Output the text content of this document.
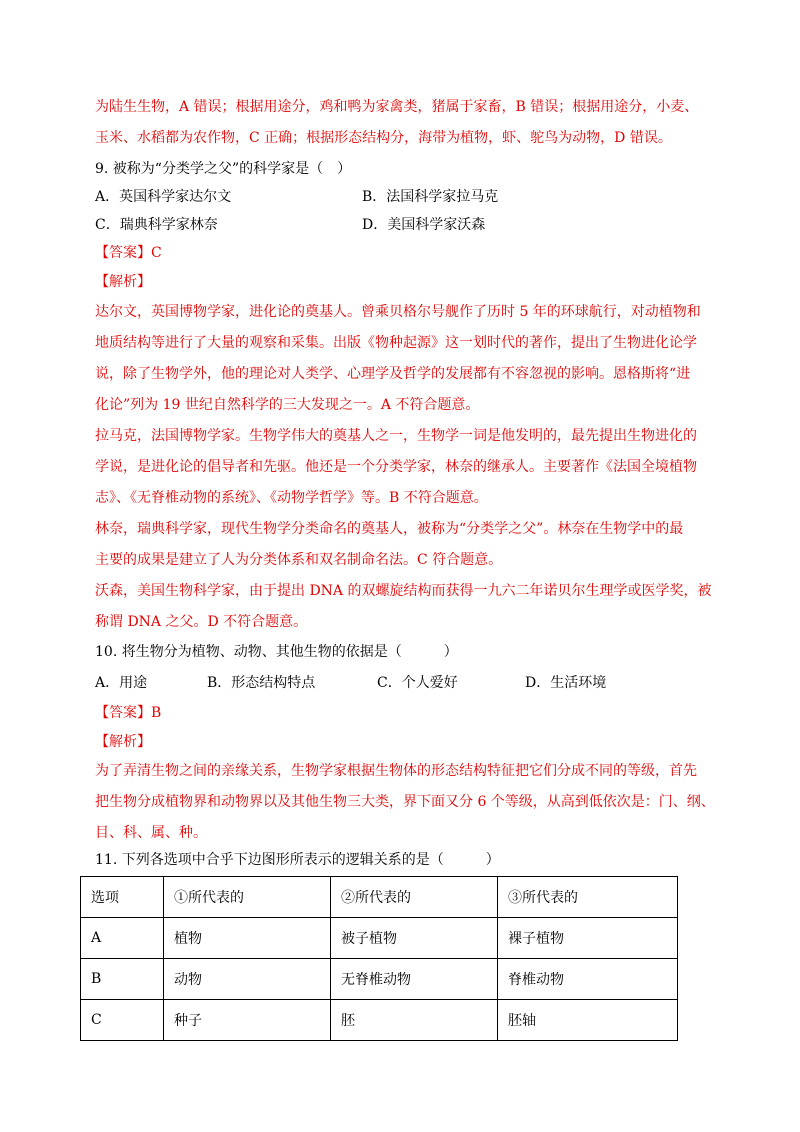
为陆生生物，A 错误；根据用途分，鸡和鸭为家禽类，猪属于家畜，B 错误；根据用途分，小麦、
玉米、水稻都为农作物，C 正确；根据形态结构分，海带为植物，虾、鸵鸟为动物，D 错误。
9. 被称为“分类学之父”的科学家是（　）
A．英国科学家达尔文	B．法国科学家拉马克
C．瑞典科学家林奈	D．美国科学家沃森
【答案】C
【解析】
达尔文，英国博物学家，进化论的奠基人。曾乘贝格尔号舰作了历时 5 年的环球航行，对动植物和
地质结构等进行了大量的观察和采集。出版《物种起源》这一划时代的著作，提出了生物进化论学
说，除了生物学外，他的理论对人类学、心理学及哲学的发展都有不容忽视的影响。恩格斯将“进
化论”列为 19 世纪自然科学的三大发现之一。A 不符合题意。
拉马克，法国博物学家。生物学伟大的奠基人之一，生物学一词是他发明的，最先提出生物进化的
学说，是进化论的倡导者和先驱。他还是一个分类学家，林奈的继承人。主要著作《法国全境植物
志》、《无脊椎动物的系统》、《动物学哲学》等。B 不符合题意。
林奈，瑞典科学家，现代生物学分类命名的奠基人，被称为“分类学之父”。林奈在生物学中的最
主要的成果是建立了人为分类体系和双名制命名法。C 符合题意。
沃森，美国生物科学家，由于提出 DNA 的双螺旋结构而获得一九六二年诺贝尔生理学或医学奖，被
称谓 DNA 之父。D 不符合题意。
10. 将生物分为植物、动物、其他生物的依据是（　　　）
A．用途	B．形态结构特点	C．个人爱好	D．生活环境
【答案】B
【解析】
为了弄清生物之间的亲缘关系，生物学家根据生物体的形态结构特征把它们分成不同的等级，首先
把生物分成植物界和动物界以及其他生物三大类，界下面又分 6 个等级，从高到低依次是：门、纲、
目、科、属、种。
11. 下列各选项中合乎下边图形所表示的逻辑关系的是（　　　）
选项	①所代表的	②所代表的	③所代表的
A	植物	被子植物	裸子植物
B	动物	无脊椎动物	脊椎动物
C	种子	胚	胚轴
